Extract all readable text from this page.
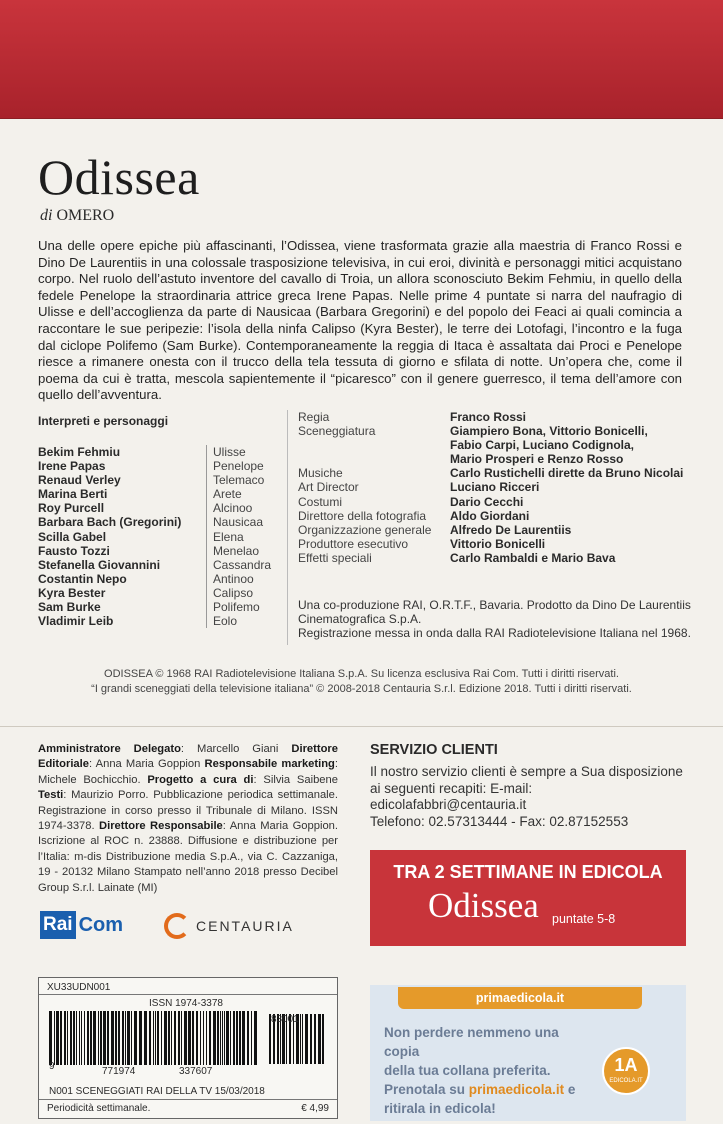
Odissea
di OMERO

Una delle opere epiche più affascinanti, l’Odissea, viene trasformata grazie alla maestria di Franco Rossi e Dino De Laurentiis in una colossale trasposizione televisiva, in cui eroi, divinità e personaggi mitici acquistano corpo. Nel ruolo dell’astuto inventore del cavallo di Troia, un allora sconosciuto Bekim Fehmiu, in quello della fedele Penelope la straordinaria attrice greca Irene Papas. Nelle prime 4 puntate si narra del naufragio di Ulisse e dell’accoglienza da parte di Nausicaa (Barbara Gregorini) e del popolo dei Feaci ai quali comincia a raccontare le sue peripezie: l’isola della ninfa Calipso (Kyra Bester), le terre dei Lotofagi, l’incontro e la fuga dal ciclope Polifemo (Sam Burke). Contemporaneamente la reggia di Itaca è assaltata dai Proci e Penelope riesce a rimanere onesta con il trucco della tela tessuta di giorno e sfilata di notte. Un’opera che, come il poema da cui è tratta, mescola sapientemente il “picaresco” con il genere guerresco, il tema dell’amore con quello dell’avventura.

Interpreti e personaggi
Bekim Fehmiu	Ulisse
Irene Papas	Penelope
Renaud Verley	Telemaco
Marina Berti	Arete
Roy Purcell	Alcinoo
Barbara Bach (Gregorini)	Nausicaa
Scilla Gabel	Elena
Fausto Tozzi	Menelao
Stefanella Giovannini	Cassandra
Costantin Nepo	Antinoo
Kyra Bester	Calipso
Sam Burke	Polifemo
Vladimir Leib	Eolo
Regia	Franco Rossi
Sceneggiatura	Giampiero Bona, Vittorio Bonicelli,
Fabio Carpi, Luciano Codignola,
Mario Prosperi e Renzo Rosso
Musiche	Carlo Rustichelli dirette da Bruno Nicolai
Art Director	Luciano Ricceri
Costumi	Dario Cecchi
Direttore della fotografia	Aldo Giordani
Organizzazione generale	Alfredo De Laurentiis
Produttore esecutivo	Vittorio Bonicelli
Effetti speciali	Carlo Rambaldi e Mario Bava
Una co-produzione RAI, O.R.T.F., Bavaria. Prodotto da Dino De Laurentiis
Cinematografica S.p.A.
Registrazione messa in onda dalla RAI Radiotelevisione Italiana nel 1968.
ODISSEA © 1968 RAI Radiotelevisione Italiana S.p.A. Su licenza esclusiva Rai Com. Tutti i diritti riservati.
“I grandi sceneggiati della televisione italiana” © 2008-2018 Centauria S.r.l. Edizione 2018. Tutti i diritti riservati.
Amministratore Delegato: Marcello Giani Direttore Editoriale: Anna Maria Goppion Responsabile marketing: Michele Bochicchio. Progetto a cura di: Silvia Saibene Testi: Maurizio Porro. Pubblicazione periodica settimanale. Registrazione in corso presso il Tribunale di Milano. ISSN 1974-3378. Direttore Responsabile: Anna Maria Goppion. Iscrizione al ROC n. 23888. Diffusione e distribuzione per l’Italia: m-dis Distribuzione media S.p.A., via C. Cazzaniga, 19 - 20132 Milano Stampato nell’anno 2018 presso Decibel Group S.r.l. Lainate (MI)
SERVIZIO CLIENTI
Il nostro servizio clienti è sempre a Sua disposizione
ai seguenti recapiti: E-mail: edicolafabbri@centauria.it
Telefono: 02.57313444 - Fax: 02.87152553
TRA 2 SETTIMANE IN EDICOLA
Odissea puntate 5-8
Rai Com	CENTAURIA
XU33UDN001
ISSN 1974-3378
83001
9	771974	337607
N001 SCENEGGIATI RAI DELLA TV 15/03/2018
Periodicità settimanale.	€ 4,99
primaedicola.it
Non perdere nemmeno una copia
della tua collana preferita.
Prenotala su primaedicola.it e
ritirala in edicola!
1A
EDICOLA.IT
